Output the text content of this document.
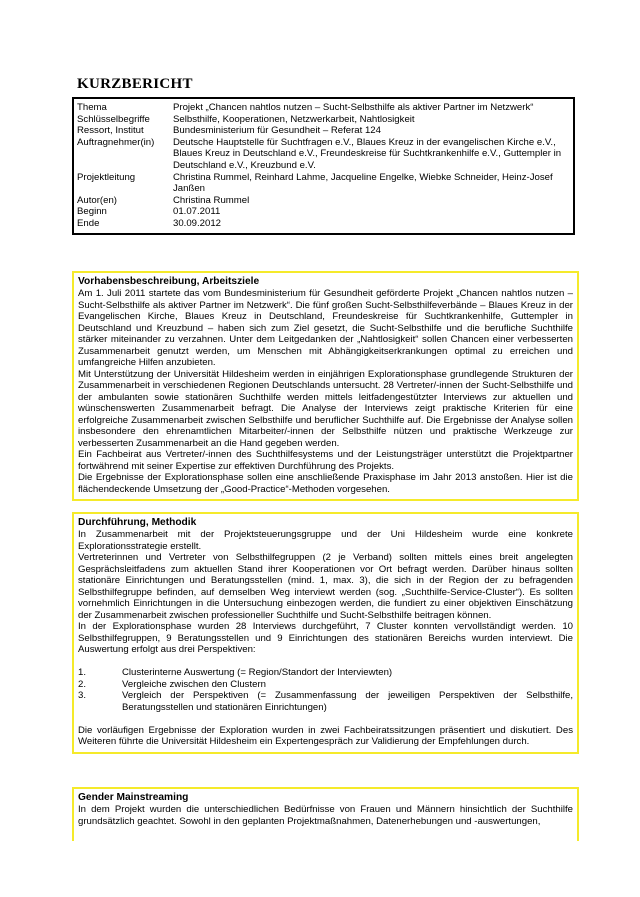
KURZBERICHT
Thema	Projekt „Chancen nahtlos nutzen – Sucht-Selbsthilfe als aktiver Partner im Netzwerk“
Schlüsselbegriffe	Selbsthilfe, Kooperationen, Netzwerkarbeit, Nahtlosigkeit
Ressort, Institut	Bundesministerium für Gesundheit – Referat 124
Auftragnehmer(in)	Deutsche Hauptstelle für Suchtfragen e.V., Blaues Kreuz in der evangelischen Kirche e.V., Blaues Kreuz in Deutschland e.V., Freundeskreise für Suchtkrankenhilfe e.V., Guttempler in Deutschland e.V., Kreuzbund e.V.
Projektleitung	Christina Rummel, Reinhard Lahme, Jacqueline Engelke, Wiebke Schneider, Heinz-Josef Janßen
Autor(en)	Christina Rummel
Beginn	01.07.2011
Ende	30.09.2012
Vorhabensbeschreibung, Arbeitsziele

Am 1. Juli 2011 startete das vom Bundesministerium für Gesundheit geförderte Projekt „Chancen nahtlos nutzen – Sucht-Selbsthilfe als aktiver Partner im Netzwerk“. Die fünf großen Sucht-Selbsthilfeverbände – Blaues Kreuz in der Evangelischen Kirche, Blaues Kreuz in Deutschland, Freundeskreise für Suchtkrankenhilfe, Guttempler in Deutschland und Kreuzbund – haben sich zum Ziel gesetzt, die Sucht-Selbsthilfe und die berufliche Suchthilfe stärker miteinander zu verzahnen. Unter dem Leitgedanken der „Nahtlosigkeit“ sollen Chancen einer verbesserten Zusammenarbeit genutzt werden, um Menschen mit Abhängigkeitserkrankungen optimal zu erreichen und umfangreiche Hilfen anzubieten.

Mit Unterstützung der Universität Hildesheim werden in einjährigen Explorationsphase grundlegende Strukturen der Zusammenarbeit in verschiedenen Regionen Deutschlands untersucht. 28 Vertreter/-innen der Sucht-Selbsthilfe und der ambulanten sowie stationären Suchthilfe werden mittels leitfadengestützter Interviews zur aktuellen und wünschenswerten Zusammenarbeit befragt. Die Analyse der Interviews zeigt praktische Kriterien für eine erfolgreiche Zusammenarbeit zwischen Selbsthilfe und beruflicher Suchthilfe auf. Die Ergebnisse der Analyse sollen insbesondere den ehrenamtlichen Mitarbeiter/-innen der Selbsthilfe nützen und praktische Werkzeuge zur verbesserten Zusammenarbeit an die Hand gegeben werden.

Ein Fachbeirat aus Vertreter/-innen des Suchthilfesystems und der Leistungsträger unterstützt die Projektpartner fortwährend mit seiner Expertise zur effektiven Durchführung des Projekts.

Die Ergebnisse der Explorationsphase sollen eine anschließende Praxisphase im Jahr 2013 anstoßen. Hier ist die flächendeckende Umsetzung der „Good-Practice“-Methoden vorgesehen.

Durchführung, Methodik

In Zusammenarbeit mit der Projektsteuerungsgruppe und der Uni Hildesheim wurde eine konkrete Explorationsstrategie erstellt.

Vertreterinnen und Vertreter von Selbsthilfegruppen (2 je Verband) sollten mittels eines breit angelegten Gesprächsleitfadens zum aktuellen Stand ihrer Kooperationen vor Ort befragt werden. Darüber hinaus sollten stationäre Einrichtungen und Beratungsstellen (mind. 1, max. 3), die sich in der Region der zu befragenden Selbsthilfegruppe befinden, auf demselben Weg interviewt werden (sog. „Suchthilfe-Service-Cluster“). Es sollten vornehmlich Einrichtungen in die Untersuchung einbezogen werden, die fundiert zu einer objektiven Einschätzung der Zusammenarbeit zwischen professioneller Suchthilfe und Sucht-Selbsthilfe beitragen können.

In der Explorationsphase wurden 28 Interviews durchgeführt, 7 Cluster konnten vervollständigt werden. 10 Selbsthilfegruppen, 9 Beratungsstellen und 9 Einrichtungen des stationären Bereichs wurden interviewt. Die Auswertung erfolgt aus drei Perspektiven:

1.	Clusterinterne Auswertung (= Region/Standort der Interviewten)
2.	Vergleiche zwischen den Clustern
3.	Vergleich der Perspektiven (= Zusammenfassung der jeweiligen Perspektiven der Selbsthilfe, Beratungsstellen und stationären Einrichtungen)

Die vorläufigen Ergebnisse der Exploration wurden in zwei Fachbeiratssitzungen präsentiert und diskutiert. Des Weiteren führte die Universität Hildesheim ein Expertengespräch zur Validierung der Empfehlungen durch.

Gender Mainstreaming

In dem Projekt wurden die unterschiedlichen Bedürfnisse von Frauen und Männern hinsichtlich der Suchthilfe grundsätzlich geachtet. Sowohl in den geplanten Projektmaßnahmen, Datenerhebungen und -auswertungen,
